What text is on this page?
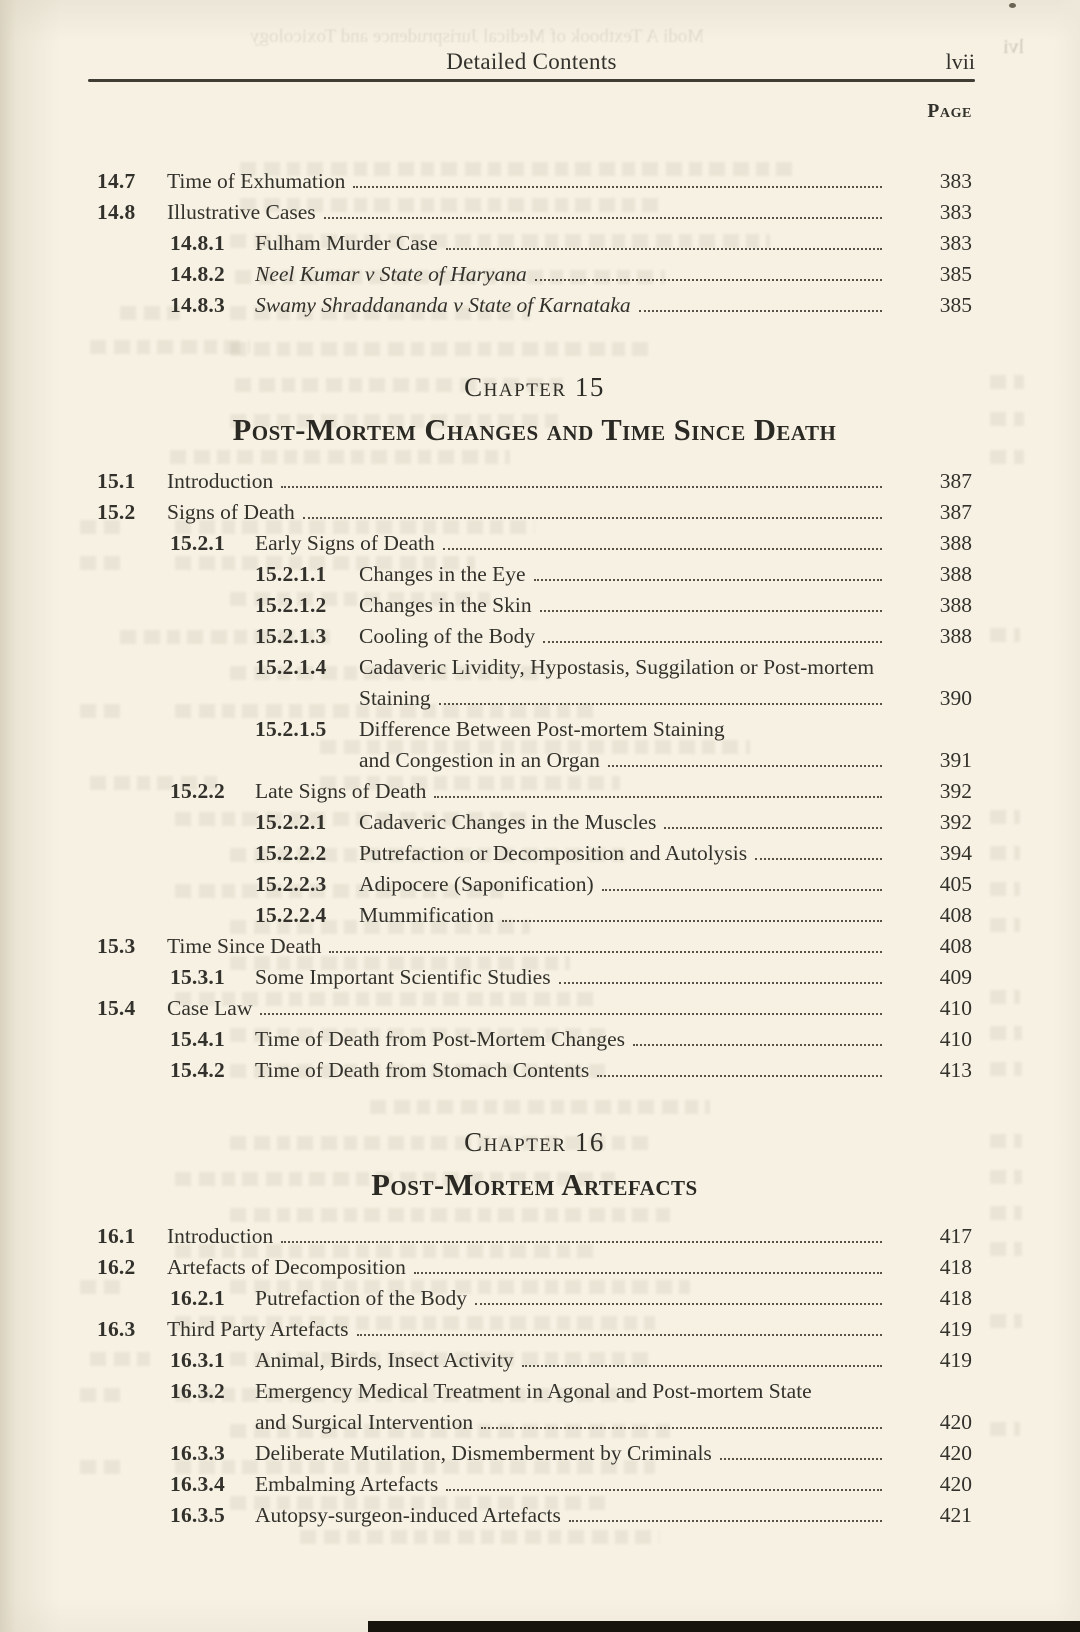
Modi A Textbook of Medical Jurisprudence and Toxicology	lvi
Detailed Contents	lvii
Page
14.7	Time of Exhumation	383
14.8	Illustrative Cases	383
14.8.1	Fulham Murder Case	383
14.8.2	Neel Kumar v State of Haryana	385
14.8.3	Swamy Shraddananda v State of Karnataka	385
Chapter 15
Post-Mortem Changes and Time Since Death
15.1	Introduction	387
15.2	Signs of Death	387
15.2.1	Early Signs of Death	388
15.2.1.1	Changes in the Eye	388
15.2.1.2	Changes in the Skin	388
15.2.1.3	Cooling of the Body	388
15.2.1.4	Cadaveric Lividity, Hypostasis, Suggilation or Post-mortem
Staining	390
15.2.1.5	Difference Between Post-mortem Staining
and Congestion in an Organ	391
15.2.2	Late Signs of Death	392
15.2.2.1	Cadaveric Changes in the Muscles	392
15.2.2.2	Putrefaction or Decomposition and Autolysis	394
15.2.2.3	Adipocere (Saponification)	405
15.2.2.4	Mummification	408
15.3	Time Since Death	408
15.3.1	Some Important Scientific Studies	409
15.4	Case Law	410
15.4.1	Time of Death from Post-Mortem Changes	410
15.4.2	Time of Death from Stomach Contents	413
Chapter 16
Post-Mortem Artefacts
16.1	Introduction	417
16.2	Artefacts of Decomposition	418
16.2.1	Putrefaction of the Body	418
16.3	Third Party Artefacts	419
16.3.1	Animal, Birds, Insect Activity	419
16.3.2	Emergency Medical Treatment in Agonal and Post-mortem State
and Surgical Intervention	420
16.3.3	Deliberate Mutilation, Dismemberment by Criminals	420
16.3.4	Embalming Artefacts	420
16.3.5	Autopsy-surgeon-induced Artefacts	421
